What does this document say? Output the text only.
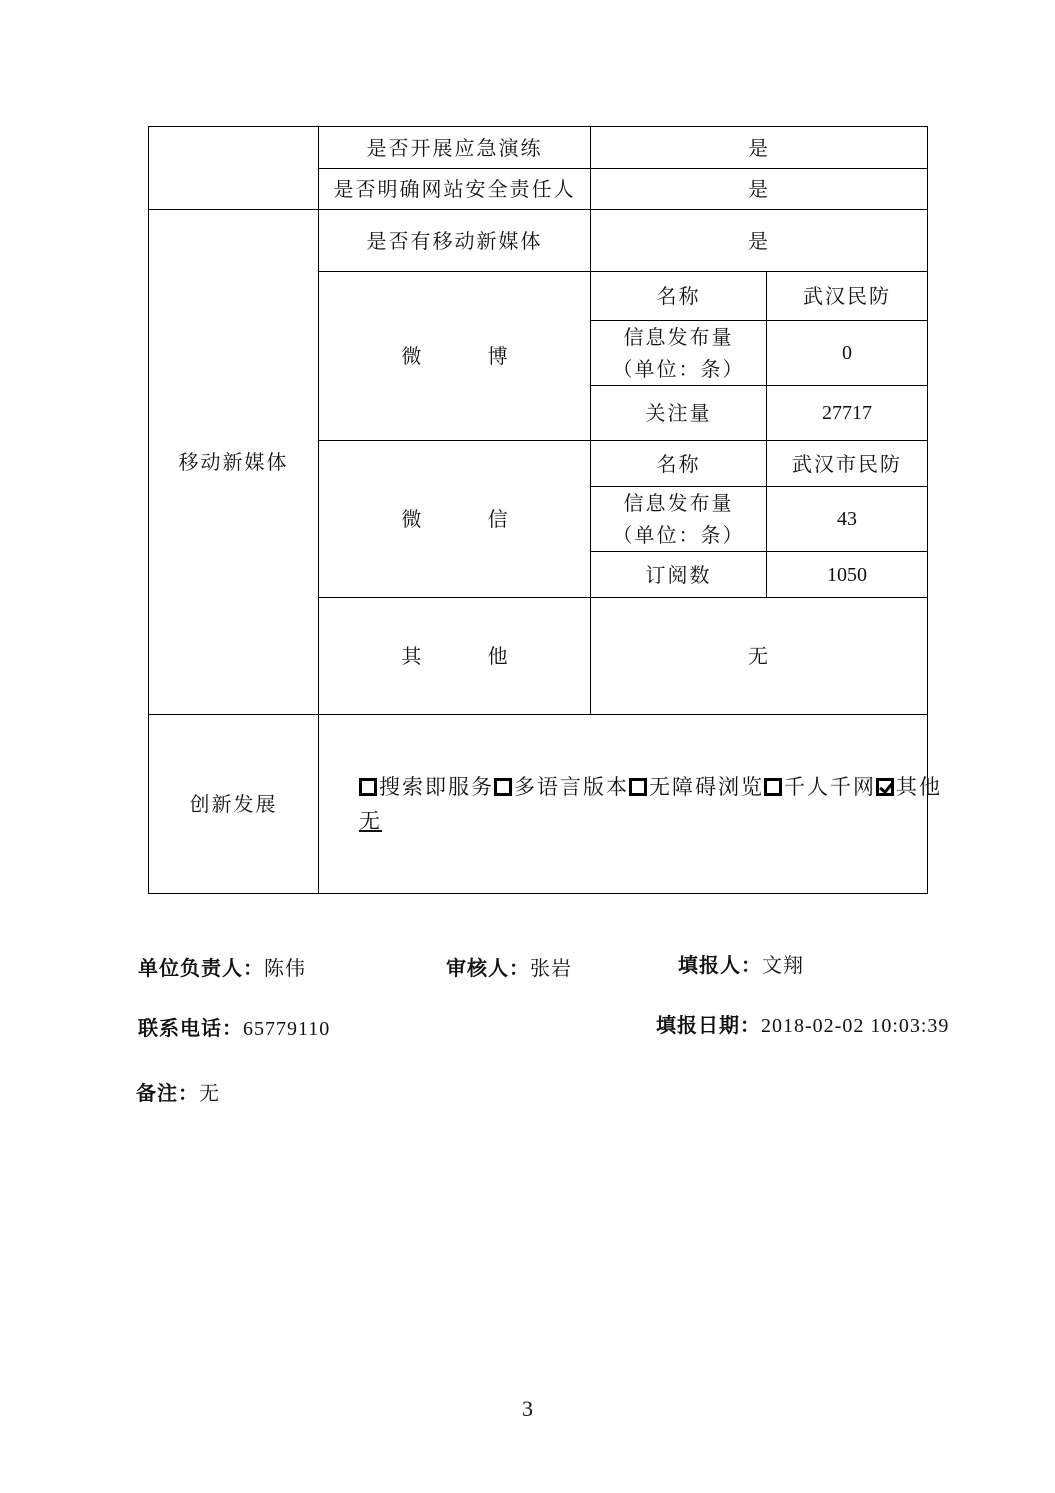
	是否开展应急演练	是	
	是否明确网站安全责任人	是	
移动新媒体	是否有移动新媒体	是	
	微 博	名称	武汉民防

		信息发布量
（单位：条）	0
		关注量	27717
	微 信	名称	武汉市民防

		信息发布量
（单位：条）	43
		订阅数	1050
	其 他	无	
创新发展	搜索即服务 多语言版本 无障碍浏览 千人千网 其他
无		
单位负责人：陈伟	审核人：张岩	填报人：文翔
联系电话：65779110	填报日期：2018-02-02 10:03:39
备注：无
3
